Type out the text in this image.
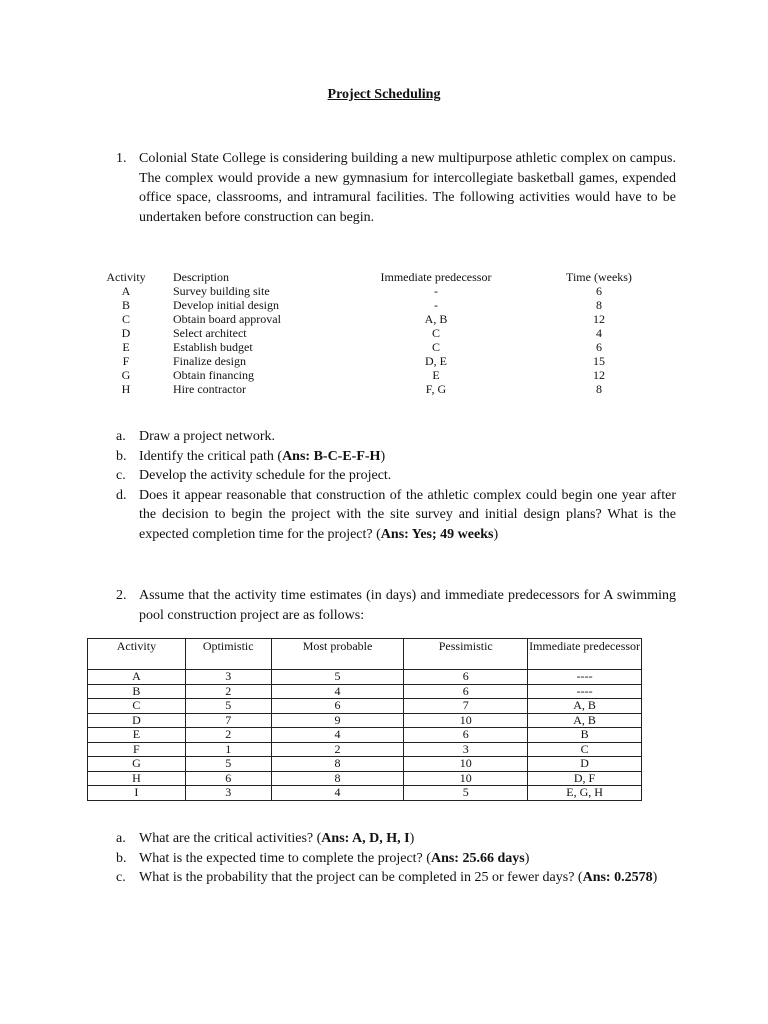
Project Scheduling
1. Colonial State College is considering building a new multipurpose athletic complex on campus. The complex would provide a new gymnasium for intercollegiate basketball games, expended office space, classrooms, and intramural facilities. The following activities would have to be undertaken before construction can begin.
Activity	Description	Immediate predecessor	Time (weeks)
A	Survey building site	-	6
B	Develop initial design	-	8
C	Obtain board approval	A, B	12
D	Select architect	C	4
E	Establish budget	C	6
F	Finalize design	D, E	15
G	Obtain financing	E	12
H	Hire contractor	F, G	8
a. Draw a project network.
b. Identify the critical path (Ans: B-C-E-F-H)
c. Develop the activity schedule for the project.
d. Does it appear reasonable that construction of the athletic complex could begin one year after the decision to begin the project with the site survey and initial design plans? What is the expected completion time for the project? (Ans: Yes; 49 weeks)
2. Assume that the activity time estimates (in days) and immediate predecessors for A swimming pool construction project are as follows:
Activity	Optimistic	Most probable	Pessimistic	Immediate predecessor
A	3	5	6	----
B	2	4	6	----
C	5	6	7	A, B
D	7	9	10	A, B
E	2	4	6	B
F	1	2	3	C
G	5	8	10	D
H	6	8	10	D, F
I	3	4	5	E, G, H
a. What are the critical activities? (Ans: A, D, H, I)
b. What is the expected time to complete the project? (Ans: 25.66 days)
c. What is the probability that the project can be completed in 25 or fewer days? (Ans: 0.2578)
